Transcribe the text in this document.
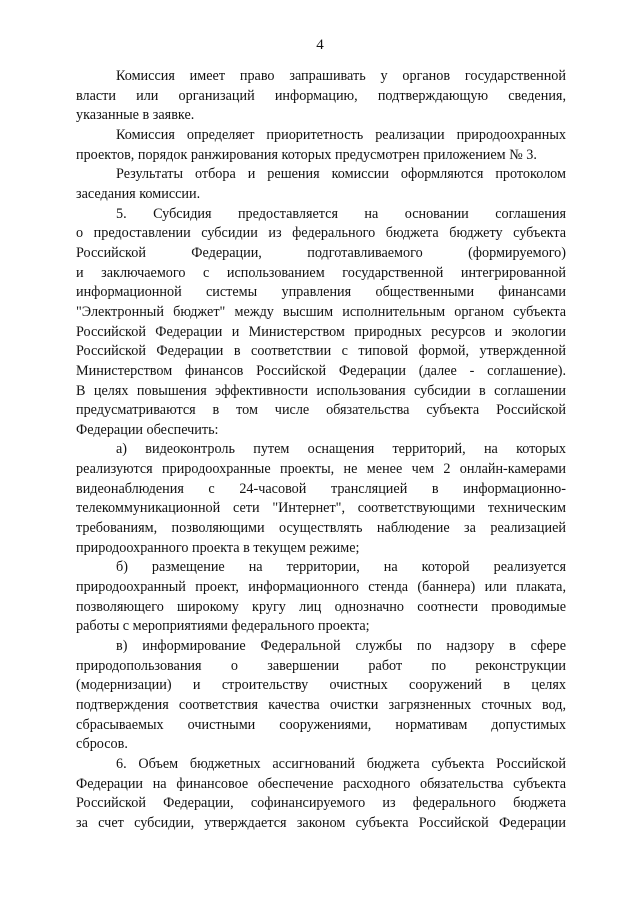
4
Комиссия имеет право запрашивать у органов государственной
власти или организаций информацию, подтверждающую сведения,
указанные в заявке.
Комиссия определяет приоритетность реализации природоохранных
проектов, порядок ранжирования которых предусмотрен приложением № 3.
Результаты отбора и решения комиссии оформляются протоколом
заседания комиссии.
5. Субсидия предоставляется на основании соглашения
о предоставлении субсидии из федерального бюджета бюджету субъекта
Российской Федерации, подготавливаемого (формируемого)
и заключаемого с использованием государственной интегрированной
информационной системы управления общественными финансами
"Электронный бюджет" между высшим исполнительным органом субъекта
Российской Федерации и Министерством природных ресурсов и экологии
Российской Федерации в соответствии с типовой формой, утвержденной
Министерством финансов Российской Федерации (далее - соглашение).
В целях повышения эффективности использования субсидии в соглашении
предусматриваются в том числе обязательства субъекта Российской
Федерации обеспечить:
а) видеоконтроль путем оснащения территорий, на которых
реализуются природоохранные проекты, не менее чем 2 онлайн-камерами
видеонаблюдения с 24-часовой трансляцией в информационно-
телекоммуникационной сети "Интернет", соответствующими техническим
требованиям, позволяющими осуществлять наблюдение за реализацией
природоохранного проекта в текущем режиме;
б) размещение на территории, на которой реализуется
природоохранный проект, информационного стенда (баннера) или плаката,
позволяющего широкому кругу лиц однозначно соотнести проводимые
работы с мероприятиями федерального проекта;
в) информирование Федеральной службы по надзору в сфере
природопользования о завершении работ по реконструкции
(модернизации) и строительству очистных сооружений в целях
подтверждения соответствия качества очистки загрязненных сточных вод,
сбрасываемых очистными сооружениями, нормативам допустимых
сбросов.
6. Объем бюджетных ассигнований бюджета субъекта Российской
Федерации на финансовое обеспечение расходного обязательства субъекта
Российской Федерации, софинансируемого из федерального бюджета
за счет субсидии, утверждается законом субъекта Российской Федерации
